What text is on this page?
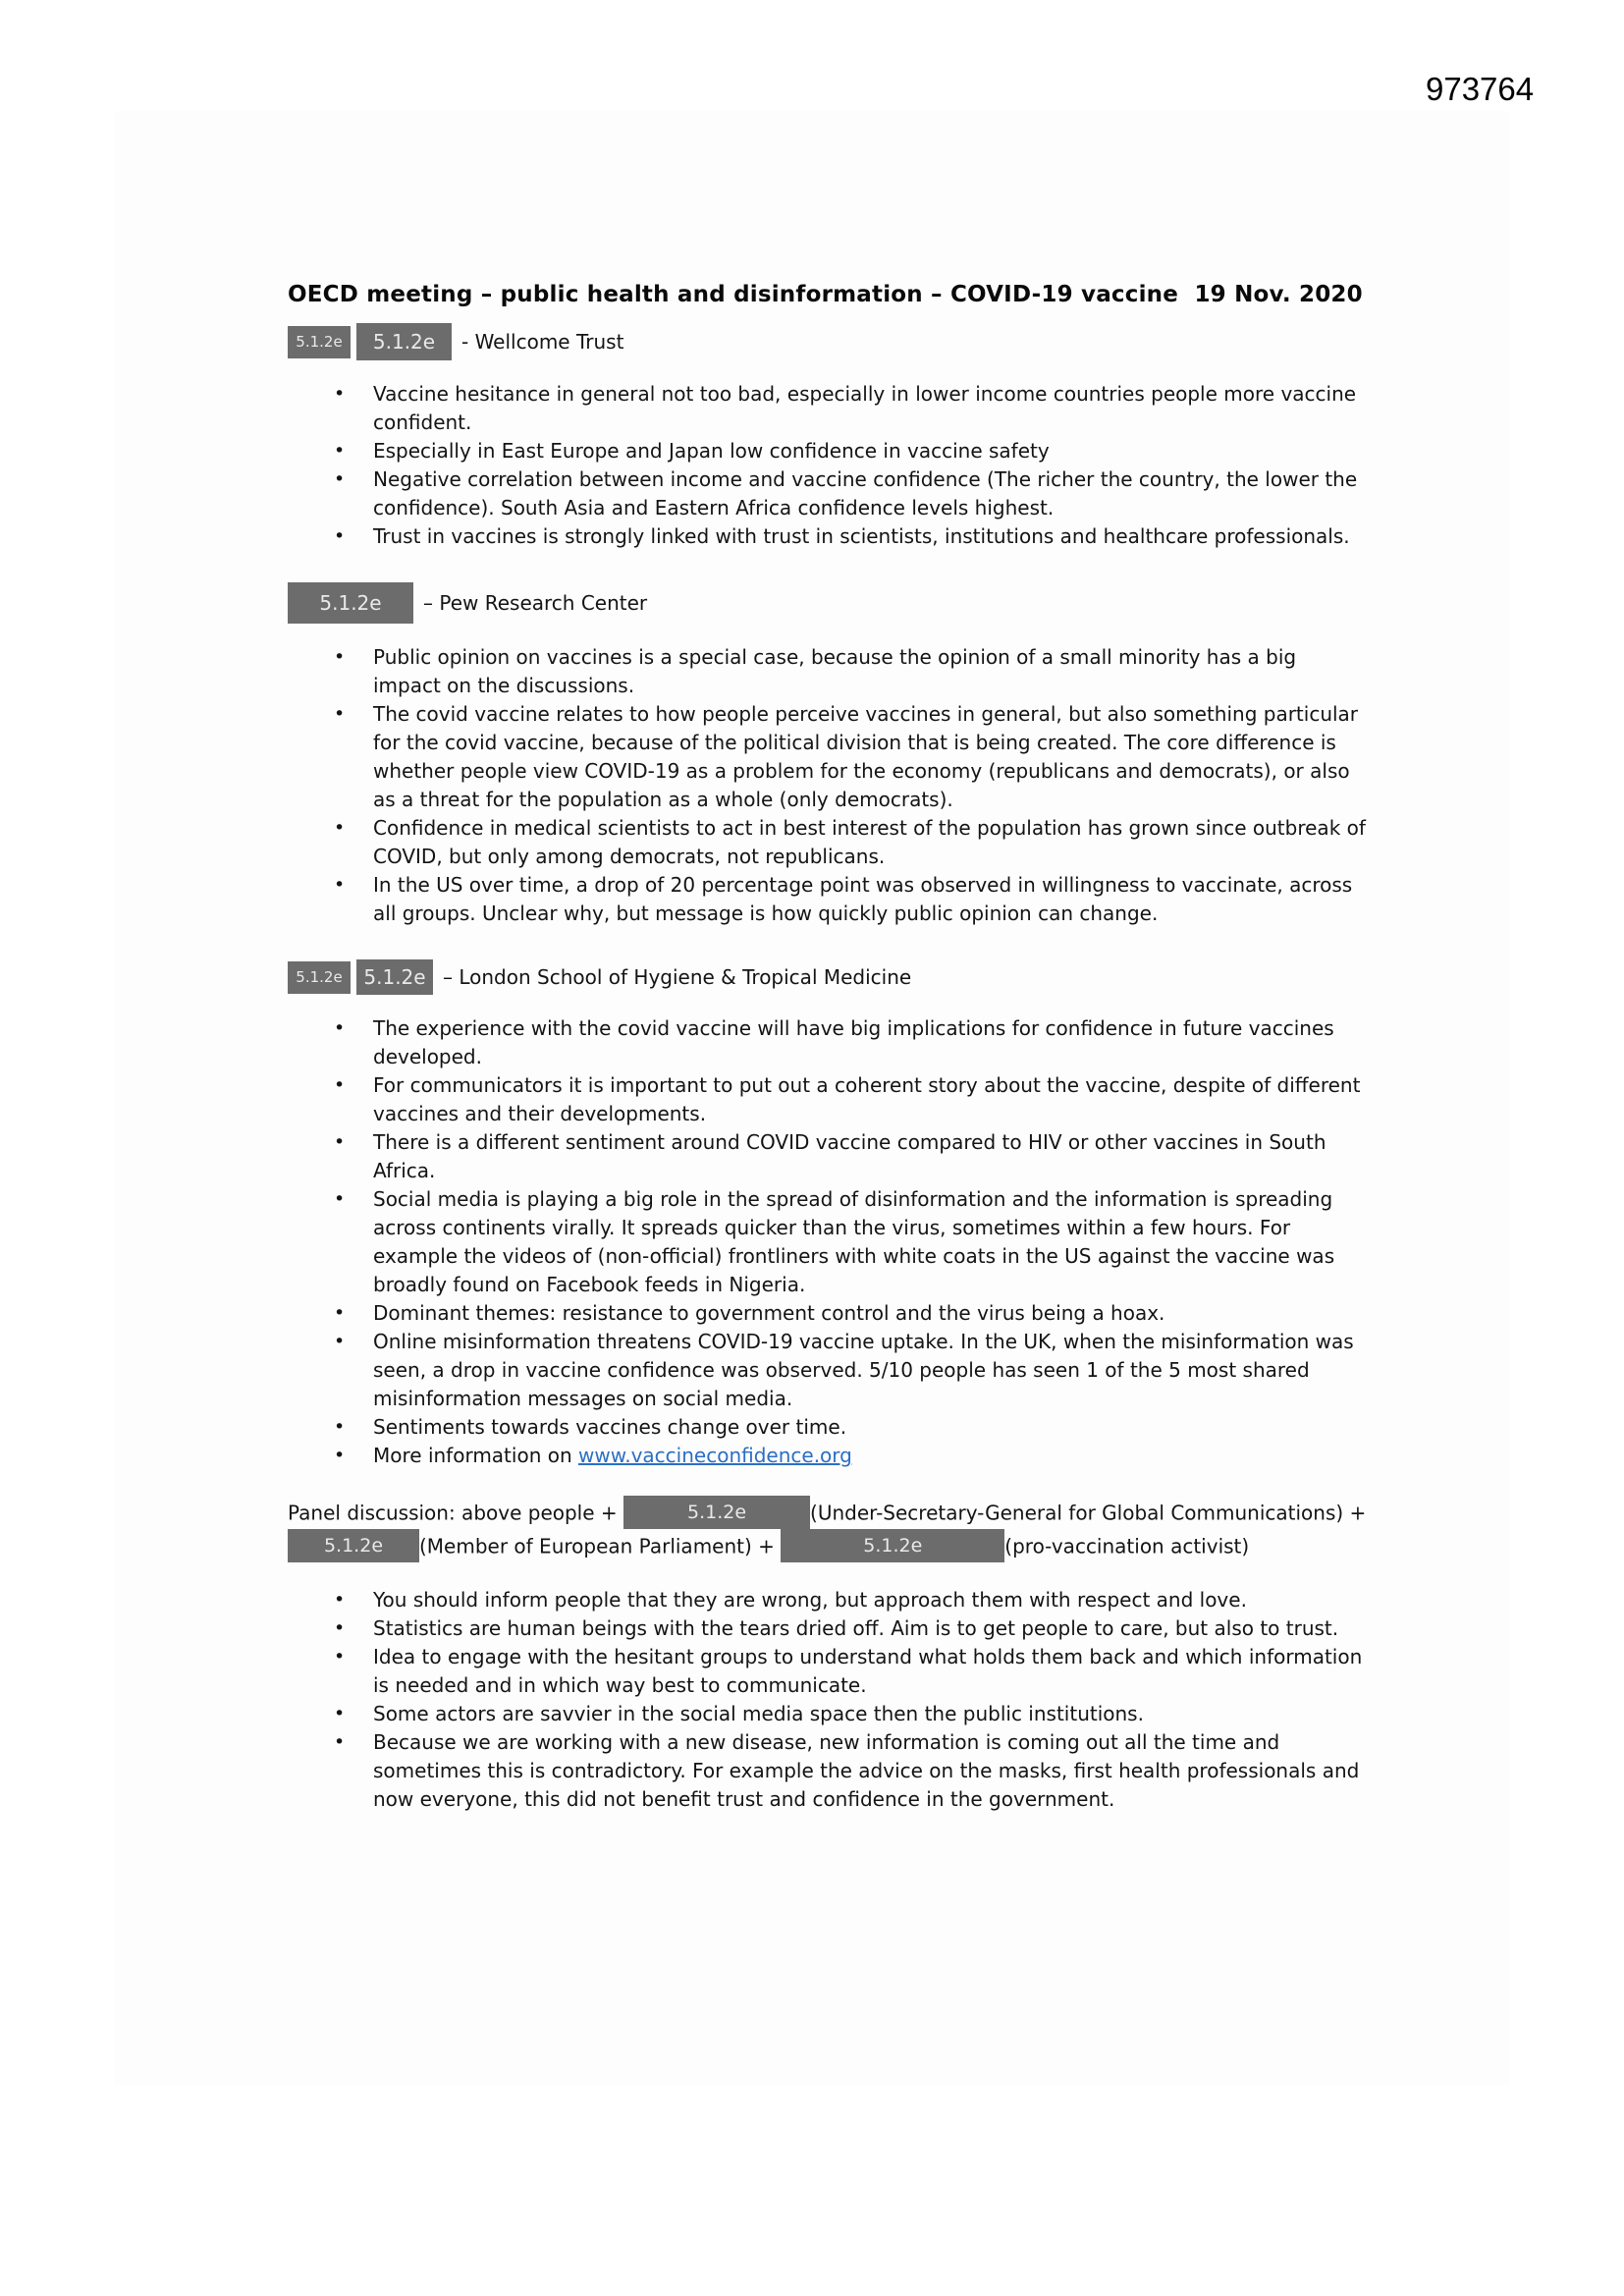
973764
OECD meeting – public health and disinformation – COVID-19 vaccine  19 Nov. 2020
5.1.2e	5.1.2e	- Wellcome Trust
•	Vaccine hesitance in general not too bad, especially in lower income countries people more vaccine confident.
•	Especially in East Europe and Japan low confidence in vaccine safety
•	Negative correlation between income and vaccine confidence (The richer the country, the lower the confidence). South Asia and Eastern Africa confidence levels highest.
•	Trust in vaccines is strongly linked with trust in scientists, institutions and healthcare professionals.
5.1.2e	– Pew Research Center
•	Public opinion on vaccines is a special case, because the opinion of a small minority has a big impact on the discussions.
•	The covid vaccine relates to how people perceive vaccines in general, but also something particular for the covid vaccine, because of the political division that is being created. The core difference is whether people view COVID-19 as a problem for the economy (republicans and democrats), or also as a threat for the population as a whole (only democrats).
•	Confidence in medical scientists to act in best interest of the population has grown since outbreak of COVID, but only among democrats, not republicans.
•	In the US over time, a drop of 20 percentage point was observed in willingness to vaccinate, across all groups. Unclear why, but message is how quickly public opinion can change.
5.1.2e	5.1.2e – London School of Hygiene & Tropical Medicine
•	The experience with the covid vaccine will have big implications for confidence in future vaccines developed.
•	For communicators it is important to put out a coherent story about the vaccine, despite of different vaccines and their developments.
•	There is a different sentiment around COVID vaccine compared to HIV or other vaccines in South Africa.
•	Social media is playing a big role in the spread of disinformation and the information is spreading across continents virally. It spreads quicker than the virus, sometimes within a few hours. For example the videos of (non-official) frontliners with white coats in the US against the vaccine was broadly found on Facebook feeds in Nigeria.
•	Dominant themes: resistance to government control and the virus being a hoax.
•	Online misinformation threatens COVID-19 vaccine uptake. In the UK, when the misinformation was seen, a drop in vaccine confidence was observed. 5/10 people has seen 1 of the 5 most shared misinformation messages on social media.
•	Sentiments towards vaccines change over time.
•	More information on www.vaccineconfidence.org

Panel discussion: above people +	5.1.2e	(Under-Secretary-General for Global Communications) + 5.1.2e (Member of European Parliament) +	5.1.2e	(pro-vaccination activist)

•	You should inform people that they are wrong, but approach them with respect and love.
•	Statistics are human beings with the tears dried off. Aim is to get people to care, but also to trust.
•	Idea to engage with the hesitant groups to understand what holds them back and which information is needed and in which way best to communicate.
•	Some actors are savvier in the social media space then the public institutions.
•	Because we are working with a new disease, new information is coming out all the time and sometimes this is contradictory. For example the advice on the masks, first health professionals and now everyone, this did not benefit trust and confidence in the government.
